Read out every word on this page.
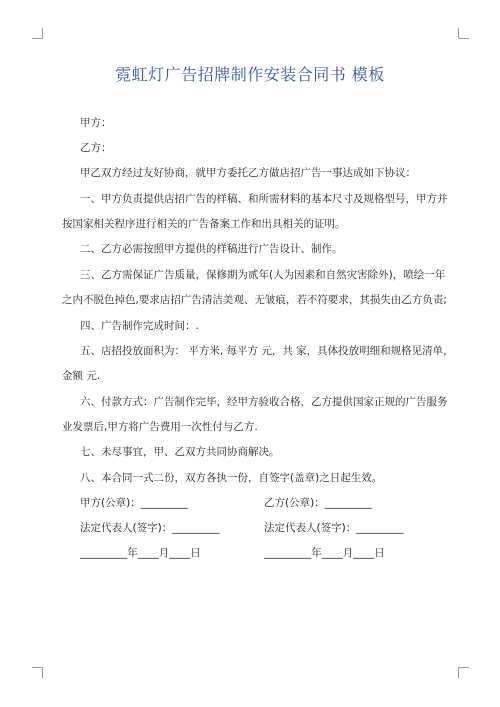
霓虹灯广告招牌制作安装合同书 模板
甲方：
乙方：
甲乙双方经过友好协商，就甲方委托乙方做店招广告一事达成如下协议：
一、甲方负责提供店招广告的样稿、和所需材料的基本尺寸及规格型号，甲方并
按国家相关程序进行相关的广告备案工作和出具相关的证明。
二、乙方必需按照甲方提供的样稿进行广告设计、制作。
三、乙方需保证广告质量，保修期为贰年(人为因素和自然灾害除外)，喷绘一年
之内不脱色掉色,要求店招广告清洁美观、无皱痕，若不符要求，其损失由乙方负责;
四、广告制作完成时间：.
五、店招投放面积为： 平方米, 每平方 元，共 家，具体投放明细和规格见清单，
金额 元.
六、付款方式：广告制作完毕，经甲方验收合格，乙方提供国家正规的广告服务
业发票后,甲方将广告费用一次性付与乙方.
七、未尽事宜，甲、乙双方共同协商解决。
八、本合同一式二份，双方各执一份，自签字(盖章)之日起生效。
甲方(公章)：_________	乙方(公章)：_________
法定代表人(签字)：_________	法定代表人(签字)：_________
_________年____月____日	_________年____月____日
